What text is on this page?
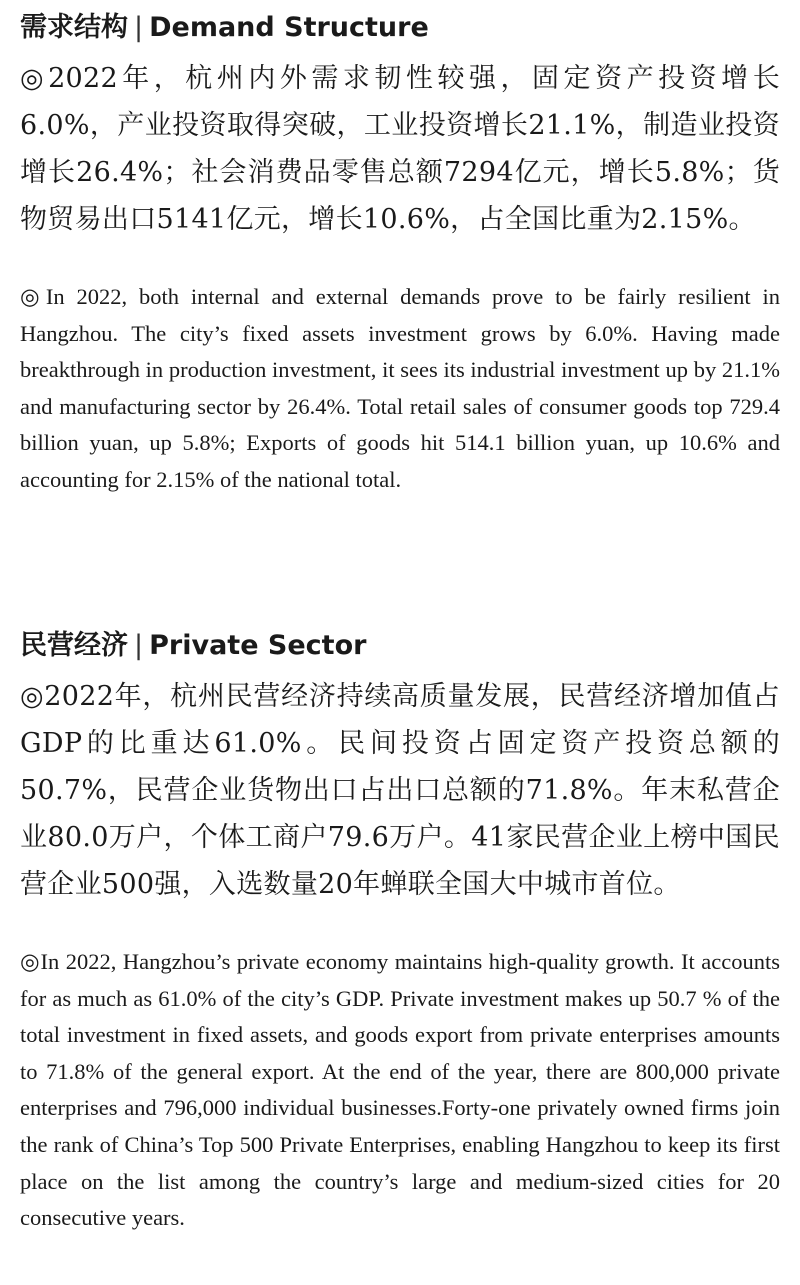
需求结构 | Demand Structure

◎2022年，杭州内外需求韧性较强，固定资产投资增长6.0%，产业投资取得突破，工业投资增长21.1%，制造业投资增长26.4%；社会消费品零售总额7294亿元，增长5.8%；货物贸易出口5141亿元，增长10.6%，占全国比重为2.15%。

◎In 2022, both internal and external demands prove to be fairly resilient in Hangzhou. The city’s fixed assets investment grows by 6.0%. Having made breakthrough in production investment, it sees its industrial investment up by 21.1% and manufacturing sector by 26.4%. Total retail sales of consumer goods top 729.4 billion yuan, up 5.8%; Exports of goods hit 514.1 billion yuan, up 10.6% and accounting for 2.15% of the national total.

民营经济 | Private Sector

◎2022年，杭州民营经济持续高质量发展，民营经济增加值占GDP的比重达61.0%。民间投资占固定资产投资总额的50.7%，民营企业货物出口占出口总额的71.8%。年末私营企业80.0万户，个体工商户79.6万户。41家民营企业上榜中国民营企业500强，入选数量20年蝉联全国大中城市首位。

◎In 2022, Hangzhou’s private economy maintains high-quality growth. It accounts for as much as 61.0% of the city’s GDP. Private investment makes up 50.7 % of the total investment in fixed assets, and goods export from private enterprises amounts to 71.8% of the general export. At the end of the year, there are 800,000 private enterprises and 796,000 individual businesses.Forty-one privately owned firms join the rank of China’s Top 500 Private Enterprises, enabling Hangzhou to keep its first place on the list among the country’s large and medium-sized cities for 20 consecutive years.
